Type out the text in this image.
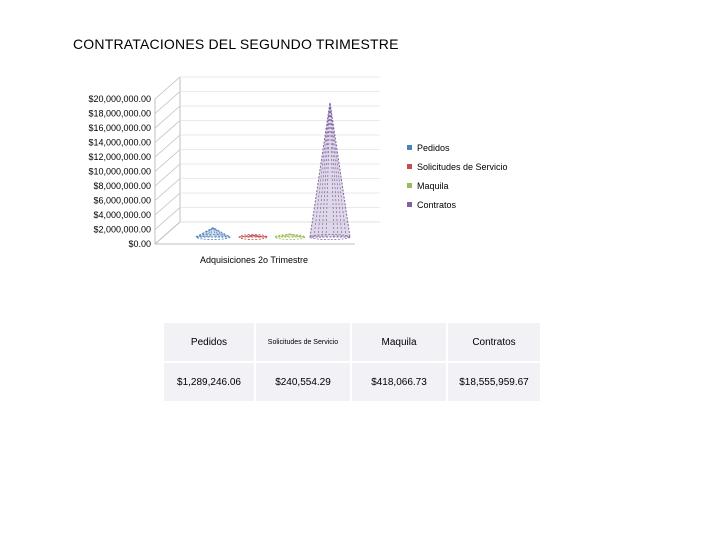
CONTRATACIONES DEL SEGUNDO TRIMESTRE
$20,000,000.00
$18,000,000.00
$16,000,000.00
$14,000,000.00
$12,000,000.00
$10,000,000.00
$8,000,000.00
$6,000,000.00
$4,000,000.00
$2,000,000.00
$0.00
Pedidos
Solicitudes de Servicio
Maquila
Contratos
Adquisiciones 2o Trimestre
Pedidos	Solicitudes de Servicio	Maquila	Contratos
$1,289,246.06	$240,554.29	$418,066.73	$18,555,959.67
